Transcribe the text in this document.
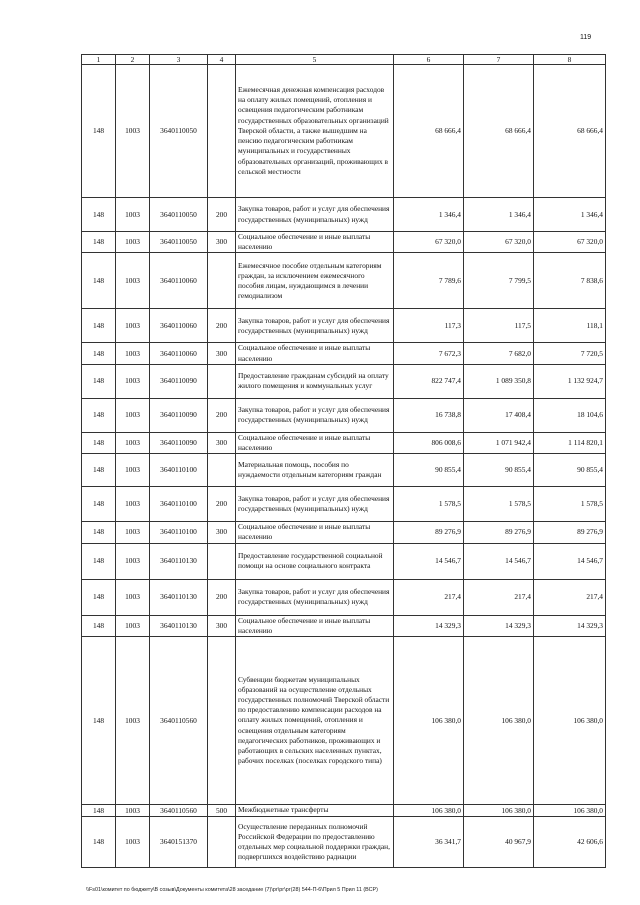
119
1	2	3	4	5	6	7	8
148	1003	3640110050		Ежемесячная денежная компенсация расходов на оплату жилых помещений, отопления и освещения педагогическим работникам государственных образовательных организаций Тверской области, а также вышедшим на пенсию педагогическим работникам муниципальных и государственных образовательных организаций, проживающих в сельской местности	68 666,4	68 666,4	68 666,4
148	1003	3640110050	200	Закупка товаров, работ и услуг для обеспечения государственных (муниципальных) нужд	1 346,4	1 346,4	1 346,4
148	1003	3640110050	300	Социальное обеспечение и иные выплаты населению	67 320,0	67 320,0	67 320,0
148	1003	3640110060		Ежемесячное пособие отдельным категориям граждан, за исключением ежемесячного пособия лицам, нуждающимся в лечении гемодиализом	7 789,6	7 799,5	7 838,6
148	1003	3640110060	200	Закупка товаров, работ и услуг для обеспечения государственных (муниципальных) нужд	117,3	117,5	118,1
148	1003	3640110060	300	Социальное обеспечение и иные выплаты населению	7 672,3	7 682,0	7 720,5
148	1003	3640110090		Предоставление гражданам субсидий на оплату жилого помещения и коммунальных услуг	822 747,4	1 089 350,8	1 132 924,7
148	1003	3640110090	200	Закупка товаров, работ и услуг для обеспечения государственных (муниципальных) нужд	16 738,8	17 408,4	18 104,6
148	1003	3640110090	300	Социальное обеспечение и иные выплаты населению	806 008,6	1 071 942,4	1 114 820,1
148	1003	3640110100		Материальная помощь, пособия по нуждаемости отдельным категориям граждан	90 855,4	90 855,4	90 855,4
148	1003	3640110100	200	Закупка товаров, работ и услуг для обеспечения государственных (муниципальных) нужд	1 578,5	1 578,5	1 578,5
148	1003	3640110100	300	Социальное обеспечение и иные выплаты населению	89 276,9	89 276,9	89 276,9
148	1003	3640110130		Предоставление государственной социальной помощи на основе социального контракта	14 546,7	14 546,7	14 546,7
148	1003	3640110130	200	Закупка товаров, работ и услуг для обеспечения государственных (муниципальных) нужд	217,4	217,4	217,4
148	1003	3640110130	300	Социальное обеспечение и иные выплаты населению	14 329,3	14 329,3	14 329,3
148	1003	3640110560		Субвенции бюджетам муниципальных образований на осуществление отдельных государственных полномочий Тверской области по предоставлению компенсации расходов на оплату жилых помещений, отопления и освещения отдельным категориям педагогических работников, проживающих и работающих в сельских населенных пунктах, рабочих поселках (поселках городского типа)	106 380,0	106 380,0	106 380,0
148	1003	3640110560	500	Межбюджетные трансферты	106 380,0	106 380,0	106 380,0
148	1003	3640151370		Осуществление переданных полномочий Российской Федерации по предоставлению отдельных мер социальной поддержки граждан, подвергшихся воздействию радиации	36 341,7	40 967,9	42 606,6
\\Fs01\комитет по бюджету\В созыв\Документы комитета\28 заседание (7)\рг\рг\рг(28) 544-П-6\Прил 5 Прил 11 (ВСР)
